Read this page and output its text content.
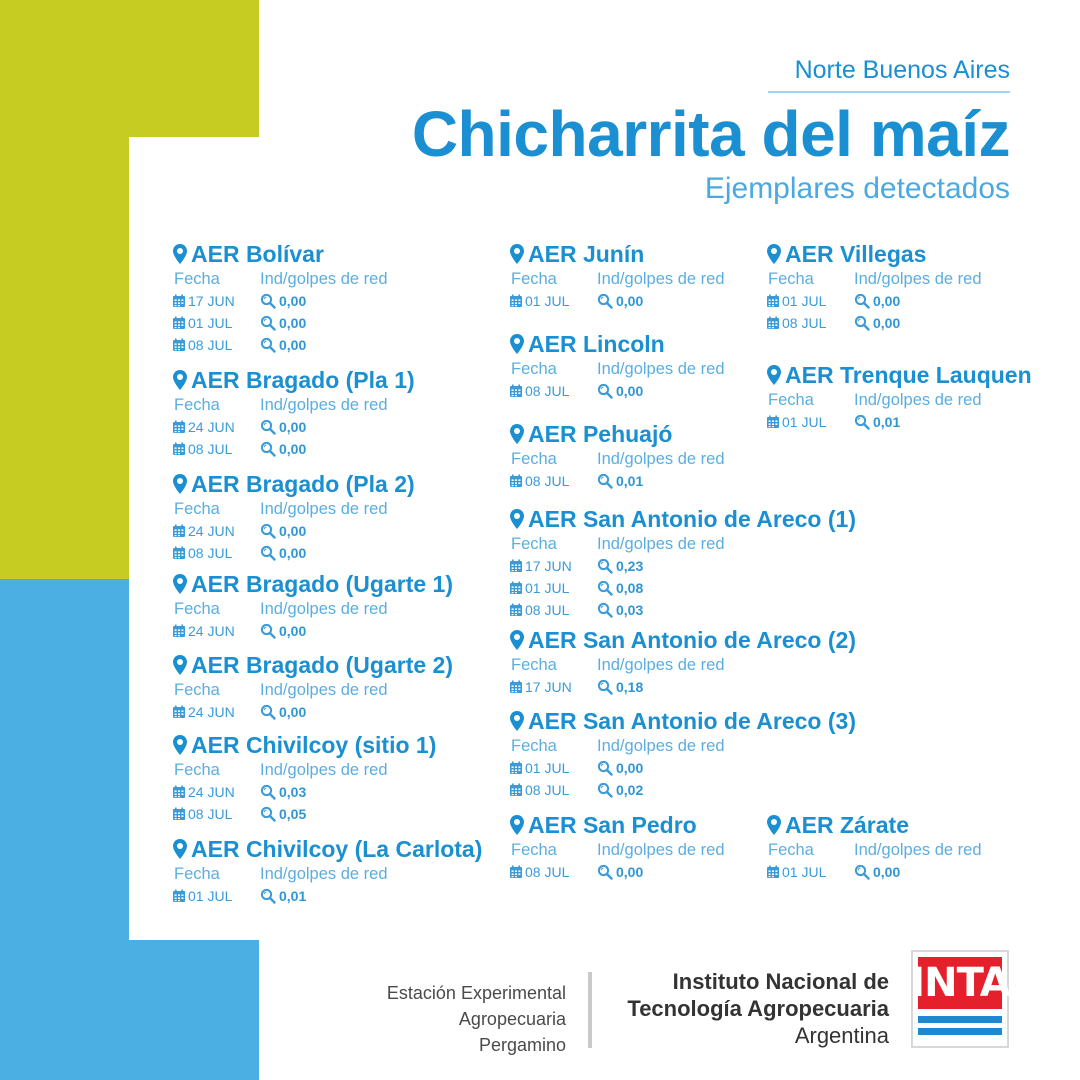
Norte Buenos Aires
Chicharrita del maíz
Ejemplares detectados
AER Bolívar
Fecha	Ind/golpes de red
17 JUN	0,00
01 JUL	0,00
08 JUL	0,00
AER Bragado (Pla 1)
Fecha	Ind/golpes de red
24 JUN	0,00
08 JUL	0,00
AER Bragado (Pla 2)
Fecha	Ind/golpes de red
24 JUN	0,00
08 JUL	0,00
AER Bragado (Ugarte 1)
Fecha	Ind/golpes de red
24 JUN	0,00
AER Bragado (Ugarte 2)
Fecha	Ind/golpes de red
24 JUN	0,00
AER Chivilcoy (sitio 1)
Fecha	Ind/golpes de red
24 JUN	0,03
08 JUL	0,05
AER Chivilcoy (La Carlota)
Fecha	Ind/golpes de red
01 JUL	0,01
AER Junín
Fecha	Ind/golpes de red
01 JUL	0,00
AER Lincoln
Fecha	Ind/golpes de red
08 JUL	0,00
AER Pehuajó
Fecha	Ind/golpes de red
08 JUL	0,01
AER San Antonio de Areco (1)
Fecha	Ind/golpes de red
17 JUN	0,23
01 JUL	0,08
08 JUL	0,03
AER San Antonio de Areco (2)
Fecha	Ind/golpes de red
17 JUN	0,18
AER San Antonio de Areco (3)
Fecha	Ind/golpes de red
01 JUL	0,00
08 JUL	0,02
AER San Pedro
Fecha	Ind/golpes de red
08 JUL	0,00
AER Villegas
Fecha	Ind/golpes de red
01 JUL	0,00
08 JUL	0,00
AER Trenque Lauquen
Fecha	Ind/golpes de red
01 JUL	0,01
AER Zárate
Fecha	Ind/golpes de red
01 JUL	0,00
Estación Experimental
Agropecuaria
Pergamino
Instituto Nacional de
Tecnología Agropecuaria
Argentina
INTA
